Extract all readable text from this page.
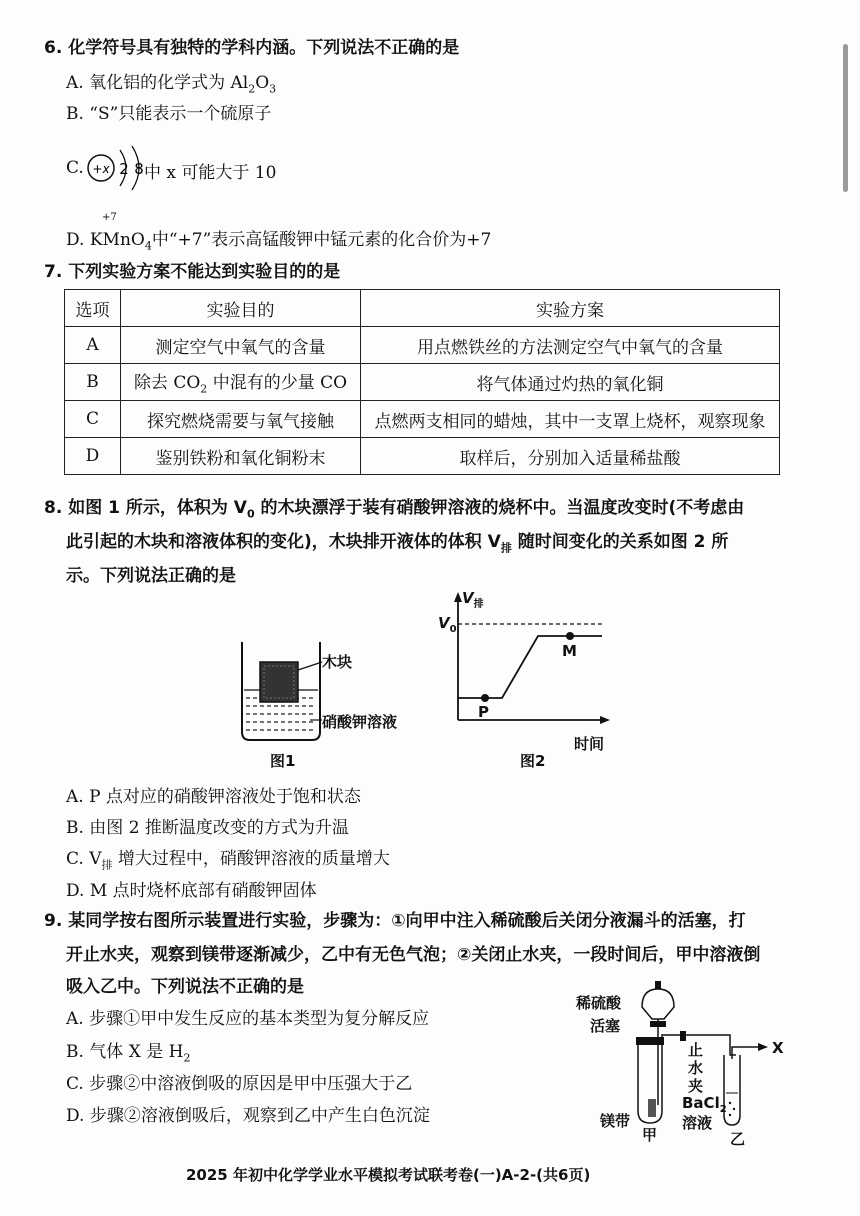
6. 化学符号具有独特的学科内涵。下列说法不正确的是
A. 氧化铝的化学式为 $Al_2O_3$
B. “S”只能表示一个硫原子
C. +x 2 8 中 x 可能大于 10
+7
D. KMnO$_4$中“+7”表示高锰酸钾中锰元素的化合价为+7
7. 下列实验方案不能达到实验目的的是
选项	实验目的	实验方案
A	测定空气中氧气的含量	用点燃铁丝的方法测定空气中氧气的含量
B	除去 $CO_2$ 中混有的少量 CO	将气体通过灼热的氧化铜
C	探究燃烧需要与氧气接触	点燃两支相同的蜡烛，其中一支罩上烧杯，观察现象
D	鉴别铁粉和氧化铜粉末	取样后，分别加入适量稀盐酸
8. 如图 1 所示，体积为 $V_0$ 的木块漂浮于装有硝酸钾溶液的烧杯中。当温度改变时(不考虑由
此引起的木块和溶液体积的变化)，木块排开液体的体积 $V_排$ 随时间变化的关系如图 2 所
示。下列说法正确的是
木块
硝酸钾溶液
图1
$V_排$
$V_0$
P
M
时间
图2
A. P 点对应的硝酸钾溶液处于饱和状态
B. 由图 2 推断温度改变的方式为升温
C. $V_排$ 增大过程中，硝酸钾溶液的质量增大
D. M 点时烧杯底部有硝酸钾固体
9. 某同学按右图所示装置进行实验，步骤为：①向甲中注入稀硫酸后关闭分液漏斗的活塞，打
开止水夹，观察到镁带逐渐减少，乙中有无色气泡；②关闭止水夹，一段时间后，甲中溶液倒
吸入乙中。下列说法不正确的是
A. 步骤①甲中发生反应的基本类型为复分解反应
B. 气体 X 是 $H_2$
C. 步骤②中溶液倒吸的原因是甲中压强大于乙
D. 步骤②溶液倒吸后，观察到乙中产生白色沉淀
稀硫酸
活塞
止
水
夹
X
BaCl$_2$
溶液
镁带
甲	乙
2025 年初中化学学业水平模拟考试联考卷(一)A-2-(共6页)
